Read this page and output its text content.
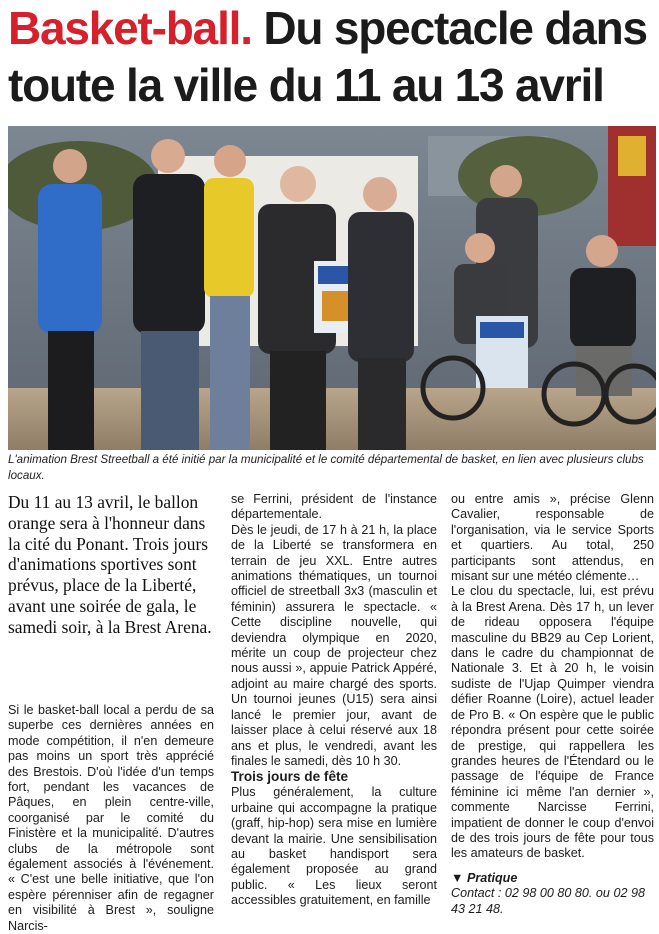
Basket-ball. Du spectacle dans toute la ville du 11 au 13 avril

L'animation Brest Streetball a été initié par la municipalité et le comité départemental de basket, en lien avec plusieurs clubs locaux.

Du 11 au 13 avril, le ballon orange sera à l'honneur dans la cité du Ponant. Trois jours d'animations sportives sont prévus, place de la Liberté, avant une soirée de gala, le samedi soir, à la Brest Arena.

Si le basket-ball local a perdu de sa superbe ces dernières années en mode compétition, il n'en demeure pas moins un sport très apprécié des Brestois. D'où l'idée d'un temps fort, pendant les vacances de Pâques, en plein centre-ville, coorganisé par le comité du Finistère et la municipalité. D'autres clubs de la métropole sont également associés à l'événement. « C'est une belle initiative, que l'on espère pérenniser afin de regagner en visibilité à Brest », souligne Narcis-

se Ferrini, président de l'instance départementale.

Dès le jeudi, de 17 h à 21 h, la place de la Liberté se transformera en terrain de jeu XXL. Entre autres animations thématiques, un tournoi officiel de streetball 3x3 (masculin et féminin) assurera le spectacle. « Cette discipline nouvelle, qui deviendra olympique en 2020, mérite un coup de projecteur chez nous aussi », appuie Patrick Appéré, adjoint au maire chargé des sports. Un tournoi jeunes (U15) sera ainsi lancé le premier jour, avant de laisser place à celui réservé aux 18 ans et plus, le vendredi, avant les finales le samedi, dès 10 h 30.

Trois jours de fête

Plus généralement, la culture urbaine qui accompagne la pratique (graff, hip-hop) sera mise en lumière devant la mairie. Une sensibilisation au basket handisport sera également proposée au grand public. « Les lieux seront accessibles gratuitement, en famille

ou entre amis », précise Glenn Cavalier, responsable de l'organisation, via le service Sports et quartiers. Au total, 250 participants sont attendus, en misant sur une météo clémente…

Le clou du spectacle, lui, est prévu à la Brest Arena. Dès 17 h, un lever de rideau opposera l'équipe masculine du BB29 au Cep Lorient, dans le cadre du championnat de Nationale 3. Et à 20 h, le voisin sudiste de l'Ujap Quimper viendra défier Roanne (Loire), actuel leader de Pro B. « On espère que le public répondra présent pour cette soirée de prestige, qui rappellera les grandes heures de l'Étendard ou le passage de l'équipe de France féminine ici même l'an dernier », commente Narcisse Ferrini, impatient de donner le coup d'envoi de des trois jours de fête pour tous les amateurs de basket.

▼ Pratique

Contact : 02 98 00 80 80. ou 02 98 43 21 48.
